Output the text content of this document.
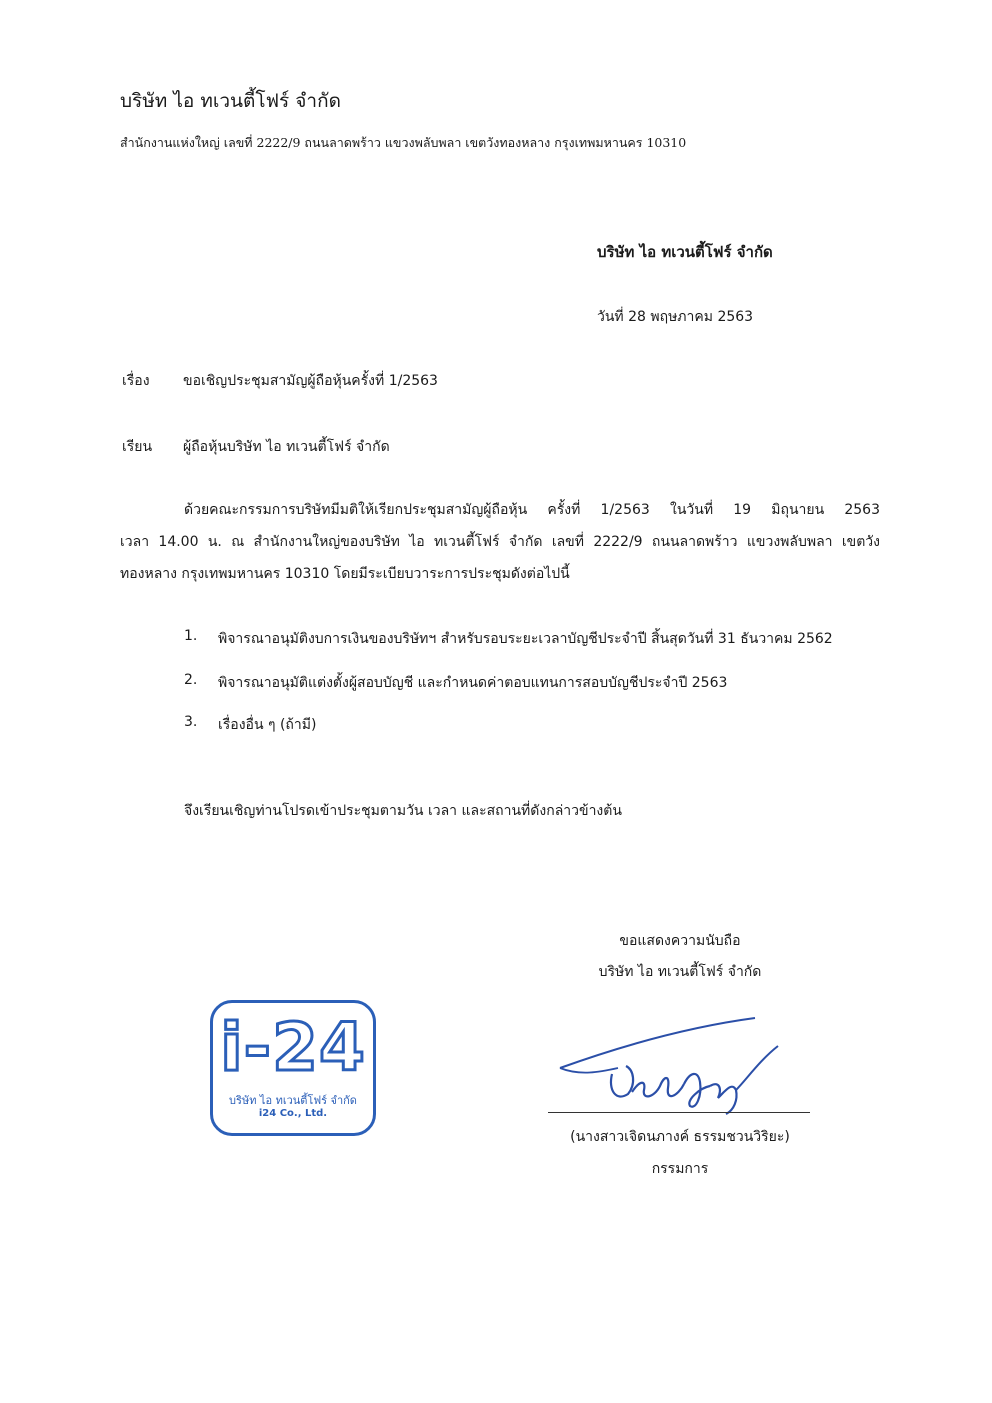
บริษัท ไอ ทเวนตี้โฟร์ จำกัด
สำนักงานแห่งใหญ่ เลขที่ 2222/9 ถนนลาดพร้าว แขวงพลับพลา เขตวังทองหลาง กรุงเทพมหานคร 10310
บริษัท ไอ ทเวนตี้โฟร์ จำกัด
วันที่ 28 พฤษภาคม 2563
เรื่อง ขอเชิญประชุมสามัญผู้ถือหุ้นครั้งที่ 1/2563
เรียน ผู้ถือหุ้นบริษัท ไอ ทเวนตี้โฟร์ จำกัด
ด้วยคณะกรรมการบริษัทมีมติให้เรียกประชุมสามัญผู้ถือหุ้น ครั้งที่ 1/2563 ในวันที่ 19 มิถุนายน 2563
เวลา 14.00 น. ณ สำนักงานใหญ่ของบริษัท ไอ ทเวนตี้โฟร์ จำกัด เลขที่ 2222/9 ถนนลาดพร้าว แขวงพลับพลา เขตวัง
ทองหลาง กรุงเทพมหานคร 10310 โดยมีระเบียบวาระการประชุมดังต่อไปนี้
1. พิจารณาอนุมัติงบการเงินของบริษัทฯ สำหรับรอบระยะเวลาบัญชีประจำปี สิ้นสุดวันที่ 31 ธันวาคม 2562
2. พิจารณาอนุมัติแต่งตั้งผู้สอบบัญชี และกำหนดค่าตอบแทนการสอบบัญชีประจำปี 2563
3. เรื่องอื่น ๆ (ถ้ามี)
จึงเรียนเชิญท่านโปรดเข้าประชุมตามวัน เวลา และสถานที่ดังกล่าวข้างต้น
ขอแสดงความนับถือ
บริษัท ไอ ทเวนตี้โฟร์ จำกัด
(นางสาวเจิดนภางค์ ธรรมชวนวิริยะ)
กรรมการ
i-24
บริษัท ไอ ทเวนตี้โฟร์ จำกัด
i24 Co., Ltd.
